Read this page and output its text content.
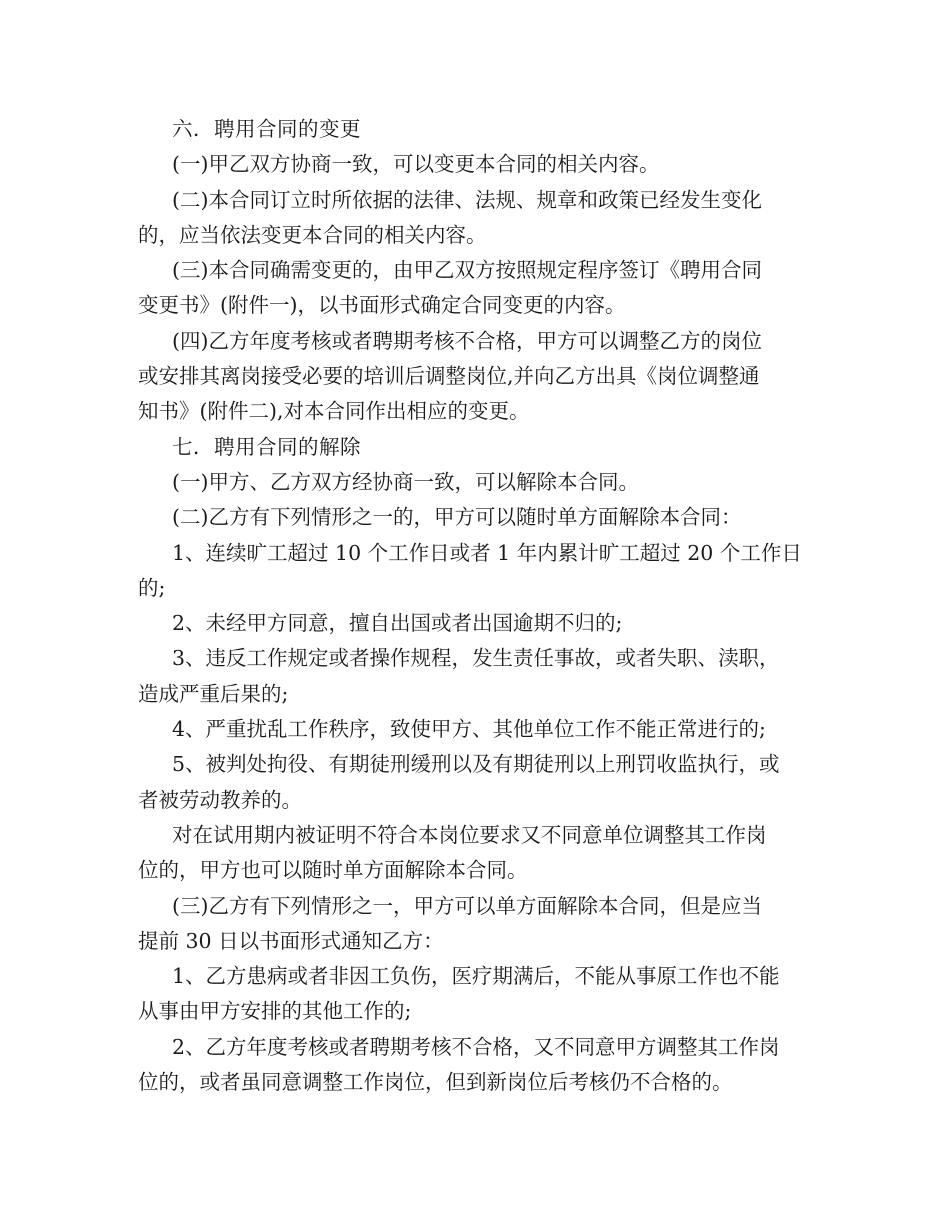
六．聘用合同的变更
(一)甲乙双方协商一致，可以变更本合同的相关内容。
(二)本合同订立时所依据的法律、法规、规章和政策已经发生变化
的，应当依法变更本合同的相关内容。
(三)本合同确需变更的，由甲乙双方按照规定程序签订《聘用合同
变更书》(附件一)，以书面形式确定合同变更的内容。
(四)乙方年度考核或者聘期考核不合格，甲方可以调整乙方的岗位
或安排其离岗接受必要的培训后调整岗位,并向乙方出具《岗位调整通
知书》(附件二),对本合同作出相应的变更。
七．聘用合同的解除
(一)甲方、乙方双方经协商一致，可以解除本合同。
(二)乙方有下列情形之一的，甲方可以随时单方面解除本合同：
1、连续旷工超过 10 个工作日或者 1 年内累计旷工超过 20 个工作日
的;
2、未经甲方同意，擅自出国或者出国逾期不归的;
3、违反工作规定或者操作规程，发生责任事故，或者失职、渎职，
造成严重后果的;
4、严重扰乱工作秩序，致使甲方、其他单位工作不能正常进行的;
5、被判处拘役、有期徒刑缓刑以及有期徒刑以上刑罚收监执行，或
者被劳动教养的。
对在试用期内被证明不符合本岗位要求又不同意单位调整其工作岗
位的，甲方也可以随时单方面解除本合同。
(三)乙方有下列情形之一，甲方可以单方面解除本合同，但是应当
提前 30 日以书面形式通知乙方：
1、乙方患病或者非因工负伤，医疗期满后，不能从事原工作也不能
从事由甲方安排的其他工作的;
2、乙方年度考核或者聘期考核不合格，又不同意甲方调整其工作岗
位的，或者虽同意调整工作岗位，但到新岗位后考核仍不合格的。
